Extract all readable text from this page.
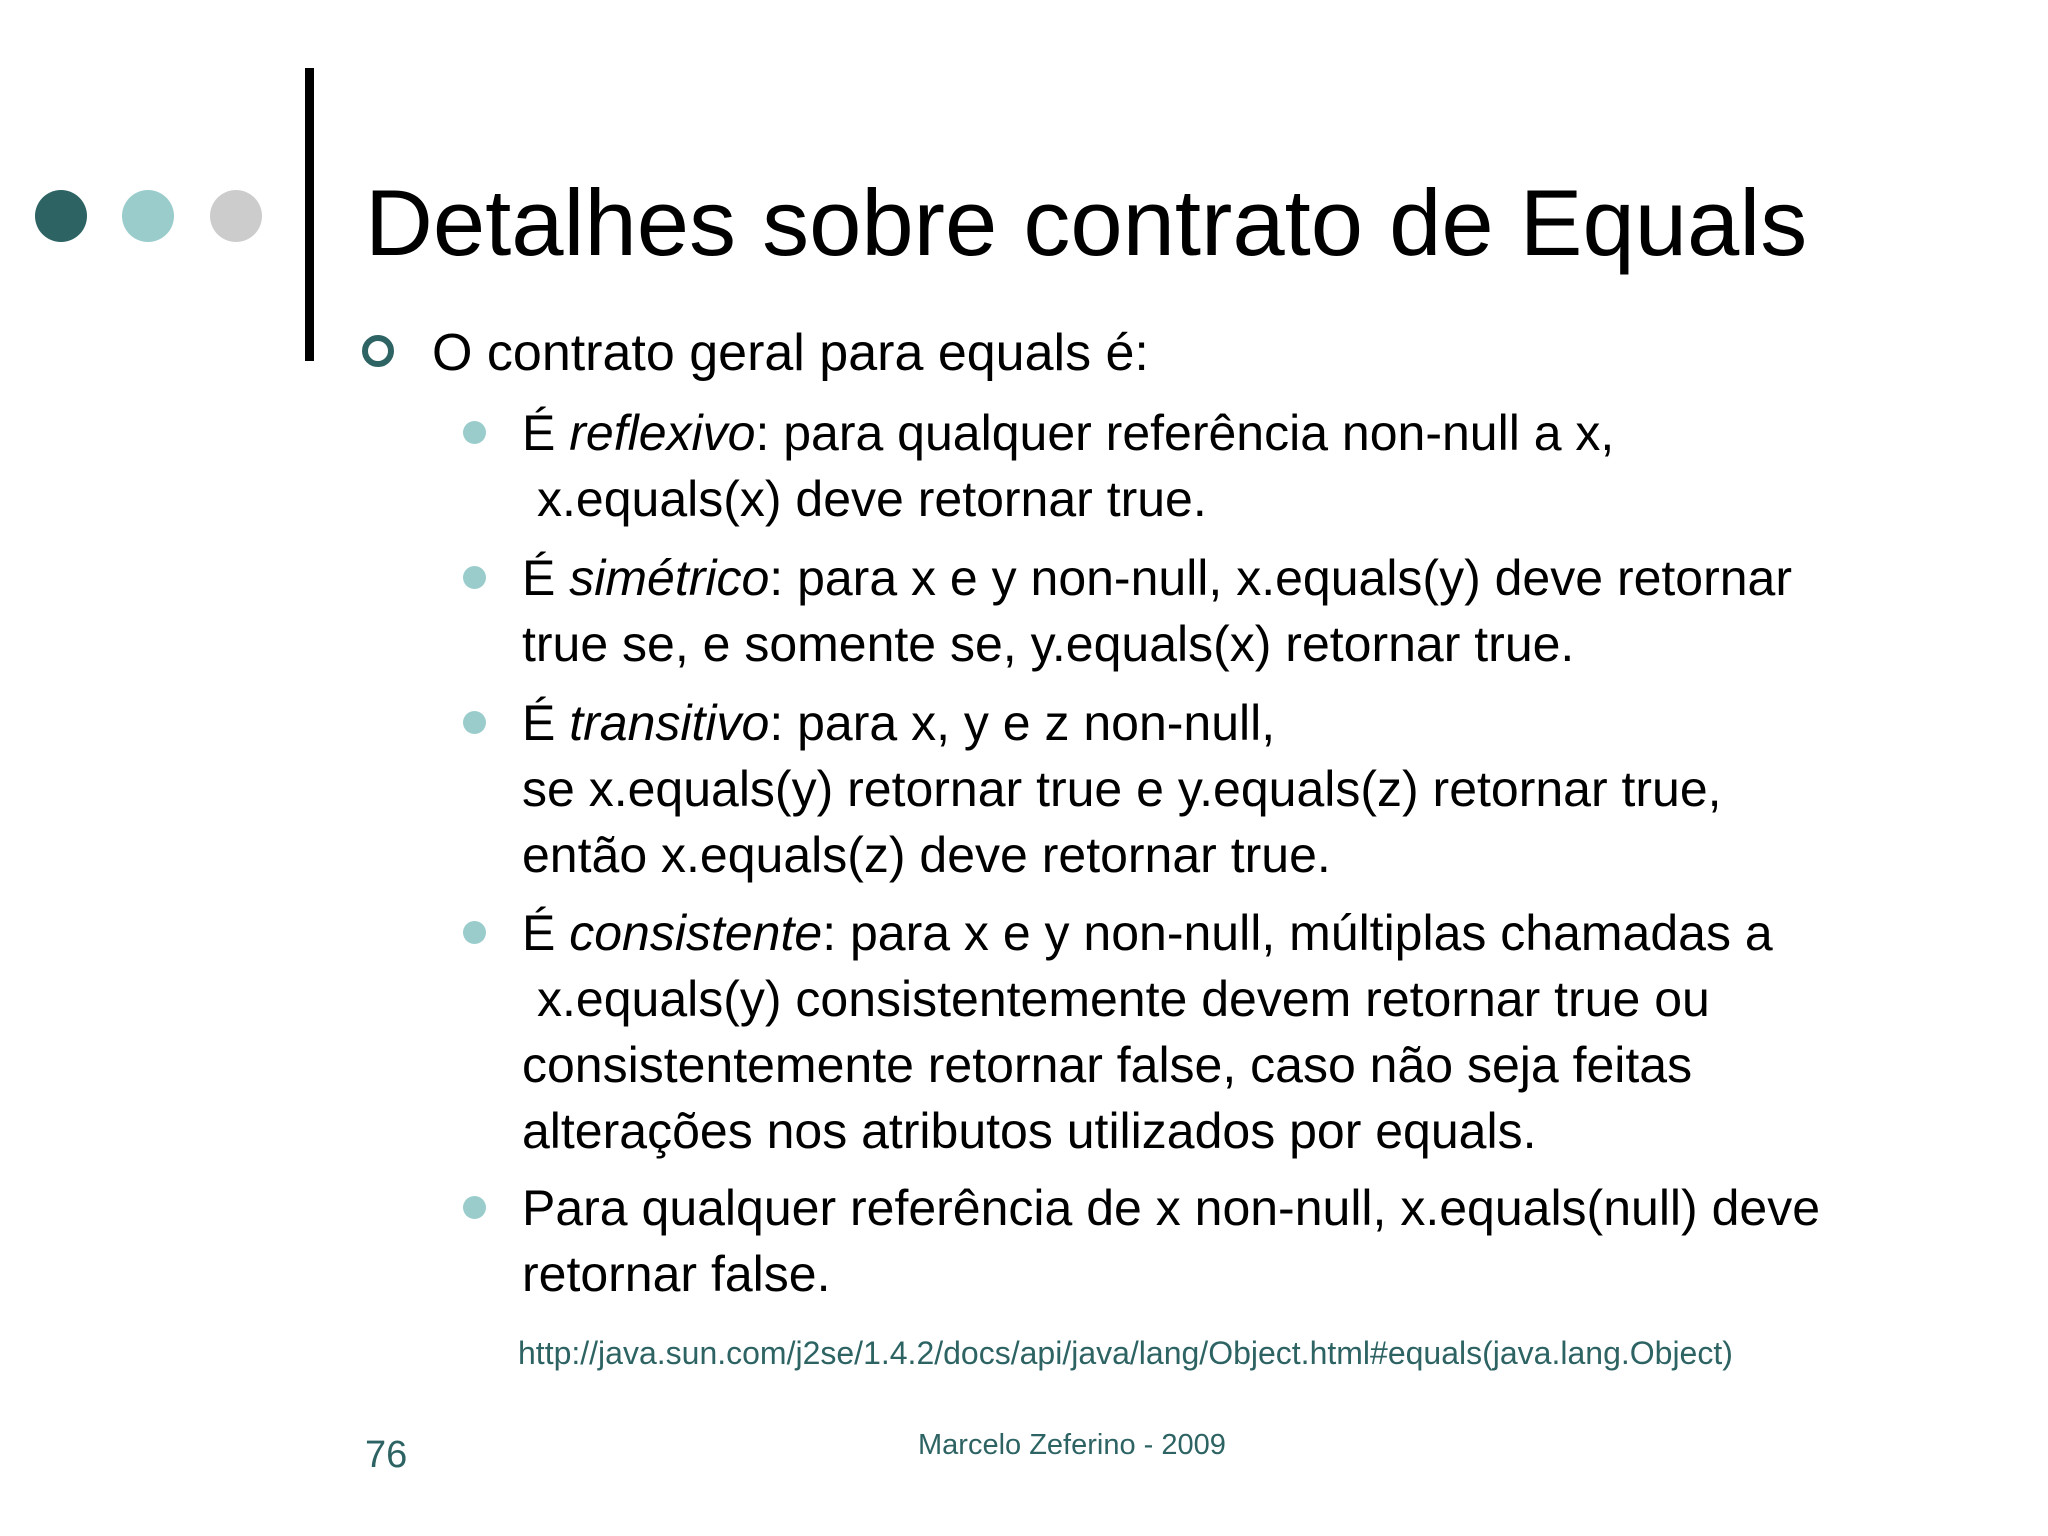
Detalhes sobre contrato de Equals
O contrato geral para equals é:
É reflexivo: para qualquer referência non-null a x,
x.equals(x) deve retornar true.
É simétrico: para x e y non-null, x.equals(y) deve retornar
true se, e somente se, y.equals(x) retornar true.
É transitivo: para x, y e z non-null,
se x.equals(y) retornar true e y.equals(z) retornar true,
então x.equals(z) deve retornar true.
É consistente: para x e y non-null, múltiplas chamadas a
x.equals(y) consistentemente devem retornar true ou
consistentemente retornar false, caso não seja feitas
alterações nos atributos utilizados por equals.
Para qualquer referência de x non-null, x.equals(null) deve
retornar false.
http://java.sun.com/j2se/1.4.2/docs/api/java/lang/Object.html#equals(java.lang.Object)
76	Marcelo Zeferino - 2009
